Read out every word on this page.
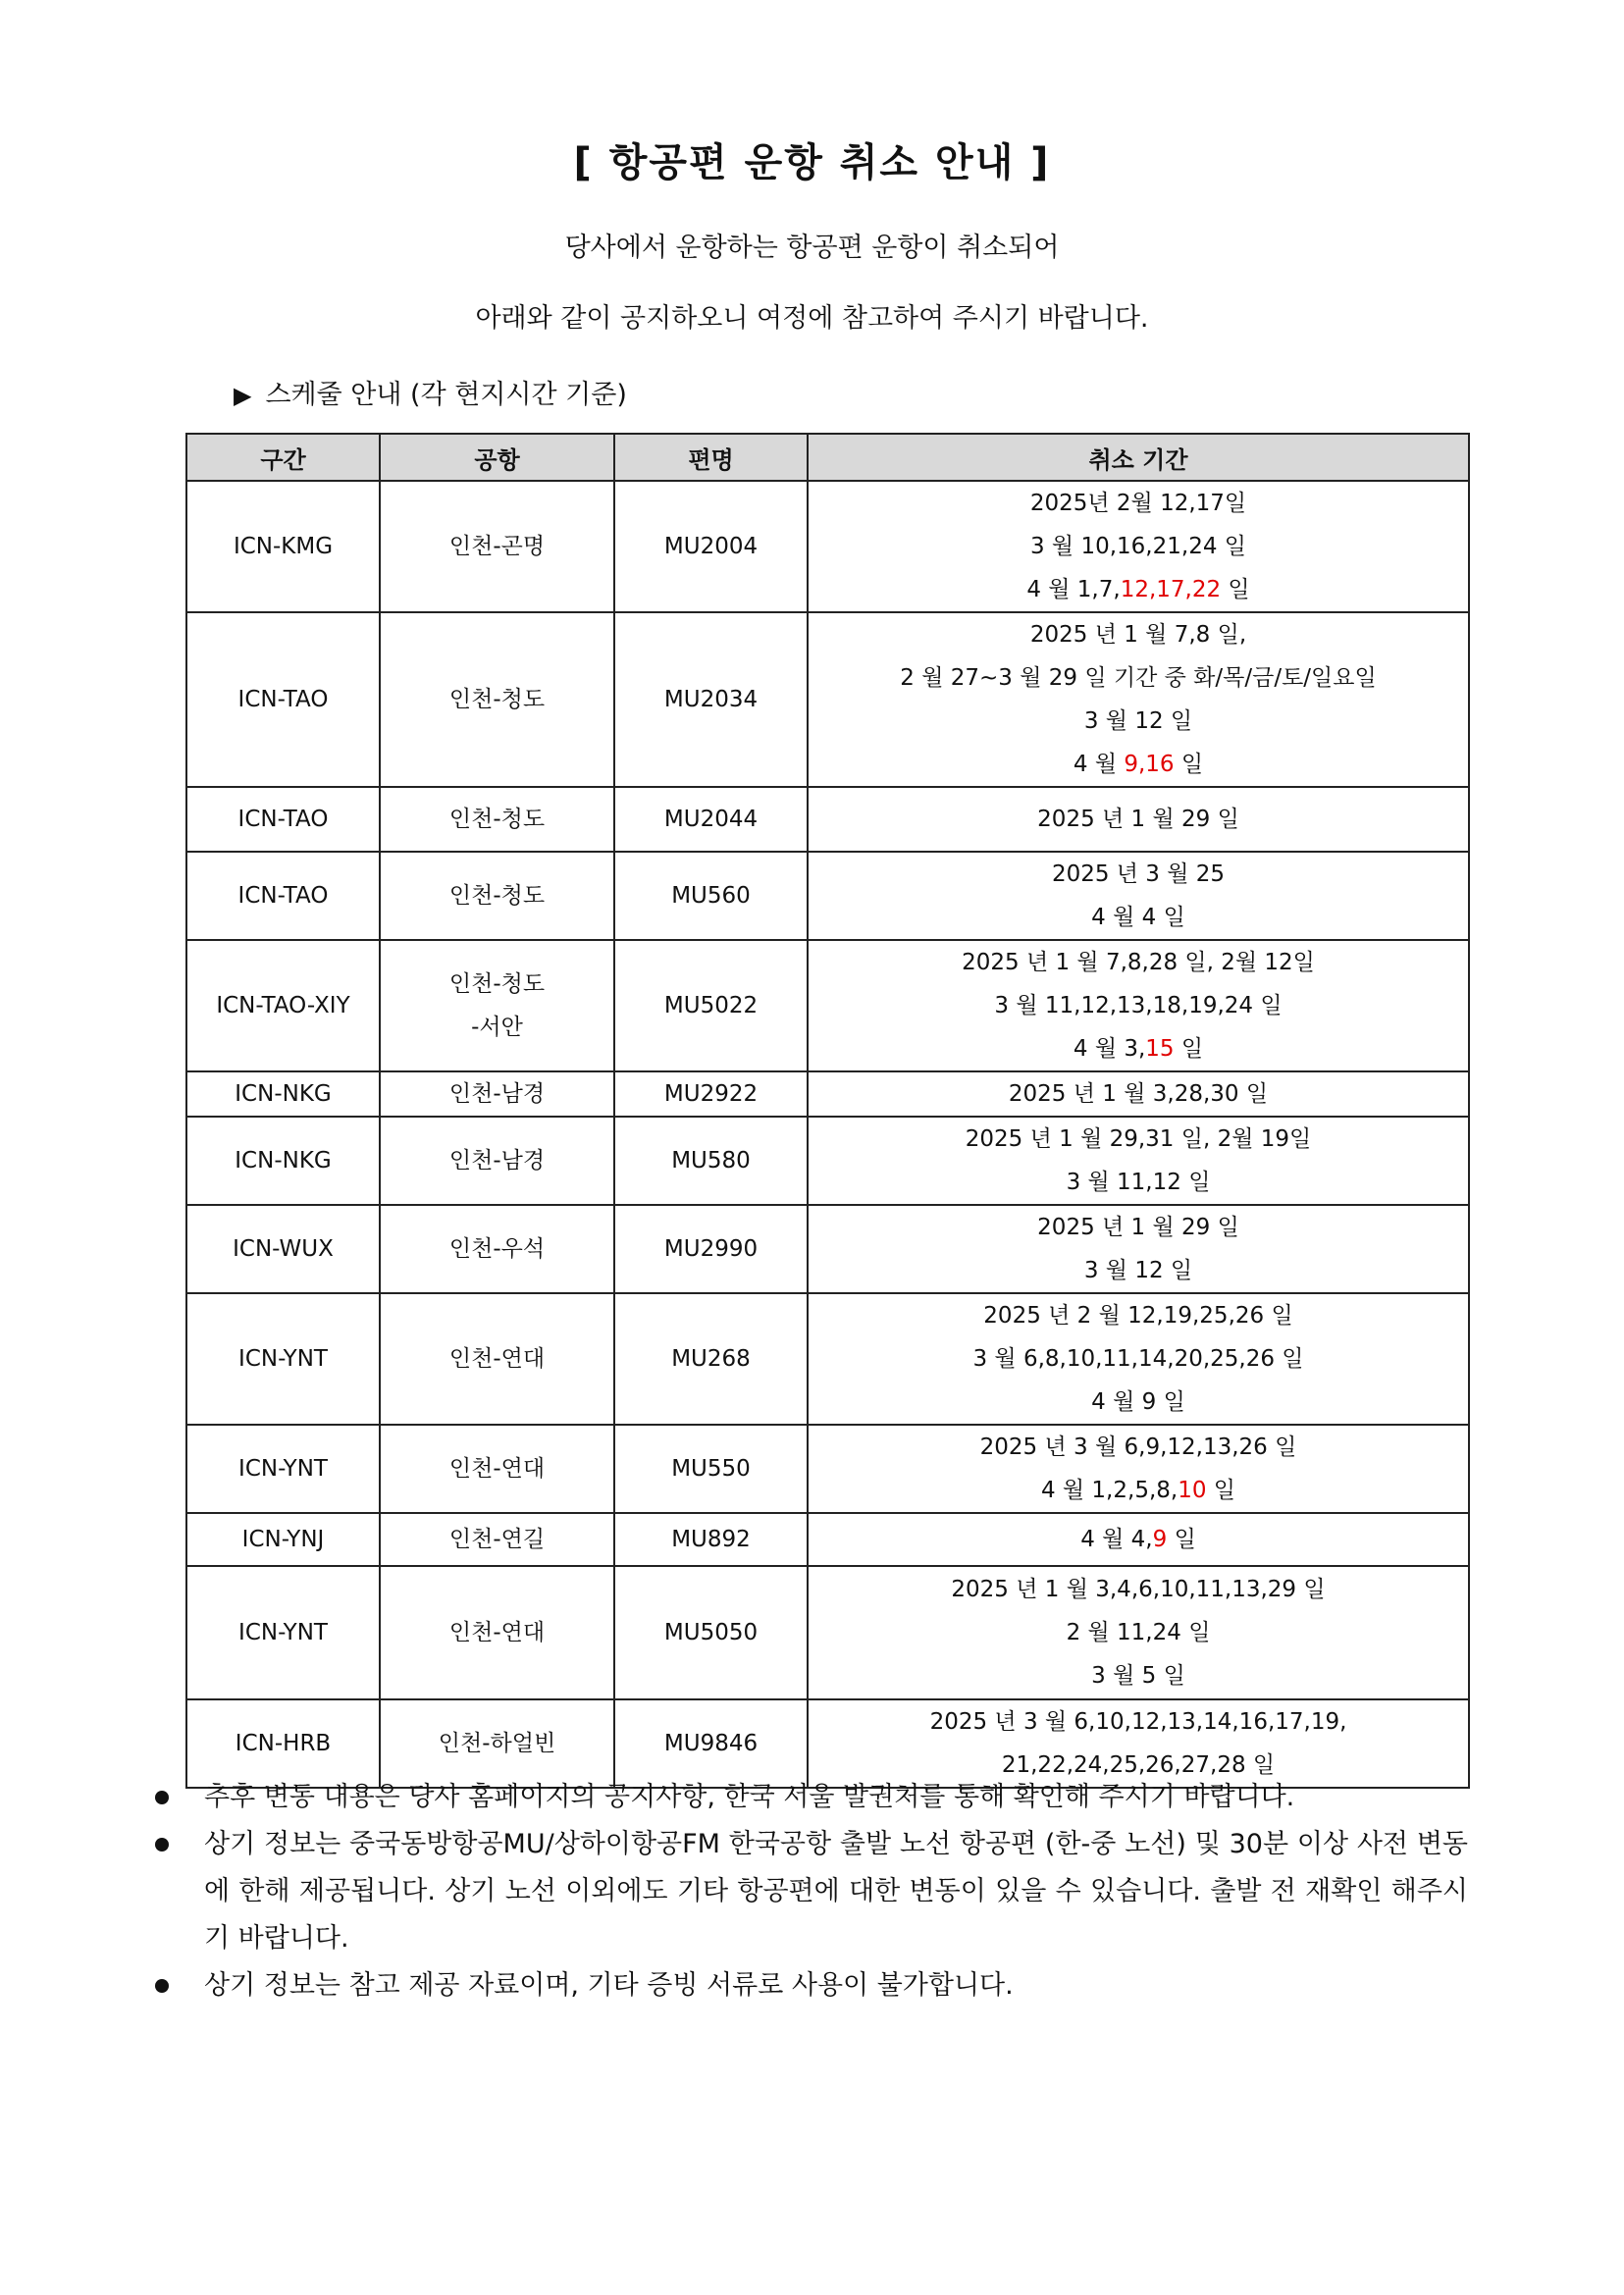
[ 항공편 운항 취소 안내 ]
당사에서 운항하는 항공편 운항이 취소되어
아래와 같이 공지하오니 여정에 참고하여 주시기 바랍니다.
▶ 스케줄 안내 (각 현지시간 기준)
구간	공항	편명	취소 기간
ICN-KMG	인천-곤명	MU2004	2025년 2월 12,17일
3 월 10,16,21,24 일
4 월 1,7,12,17,22 일

ICN-TAO	인천-청도	MU2034	2025 년 1 월 7,8 일,
2 월 27~3 월 29 일 기간 중 화/목/금/토/일요일
3 월 12 일
4 월 9,16 일

ICN-TAO	인천-청도	MU2044	2025 년 1 월 29 일

ICN-TAO	인천-청도	MU560	2025 년 3 월 25
4 월 4 일

ICN-TAO-XIY	인천-청도
-서안	MU5022	2025 년 1 월 7,8,28 일, 2월 12일
3 월 11,12,13,18,19,24 일
4 월 3,15 일

ICN-NKG	인천-남경	MU2922	2025 년 1 월 3,28,30 일

ICN-NKG	인천-남경	MU580	2025 년 1 월 29,31 일, 2월 19일
3 월 11,12 일

ICN-WUX	인천-우석	MU2990	2025 년 1 월 29 일
3 월 12 일

ICN-YNT	인천-연대	MU268	2025 년 2 월 12,19,25,26 일
3 월 6,8,10,11,14,20,25,26 일
4 월 9 일

ICN-YNT	인천-연대	MU550	2025 년 3 월 6,9,12,13,26 일
4 월 1,2,5,8,10 일

ICN-YNJ	인천-연길	MU892	4 월 4,9 일

ICN-YNT	인천-연대	MU5050	2025 년 1 월 3,4,6,10,11,13,29 일
2 월 11,24 일
3 월 5 일

ICN-HRB	인천-하얼빈	MU9846	2025 년 3 월 6,10,12,13,14,16,17,19,
21,22,24,25,26,27,28 일
추후 변동 내용은 당사 홈페이지의 공지사항, 한국 서울 발권처를 통해 확인해 주시기 바랍니다.
상기 정보는 중국동방항공MU/상하이항공FM 한국공항 출발 노선 항공편 (한-중 노선) 및 30분 이상 사전 변동에 한해 제공됩니다. 상기 노선 이외에도 기타 항공편에 대한 변동이 있을 수 있습니다. 출발 전 재확인 해주시기 바랍니다.
상기 정보는 참고 제공 자료이며, 기타 증빙 서류로 사용이 불가합니다.
